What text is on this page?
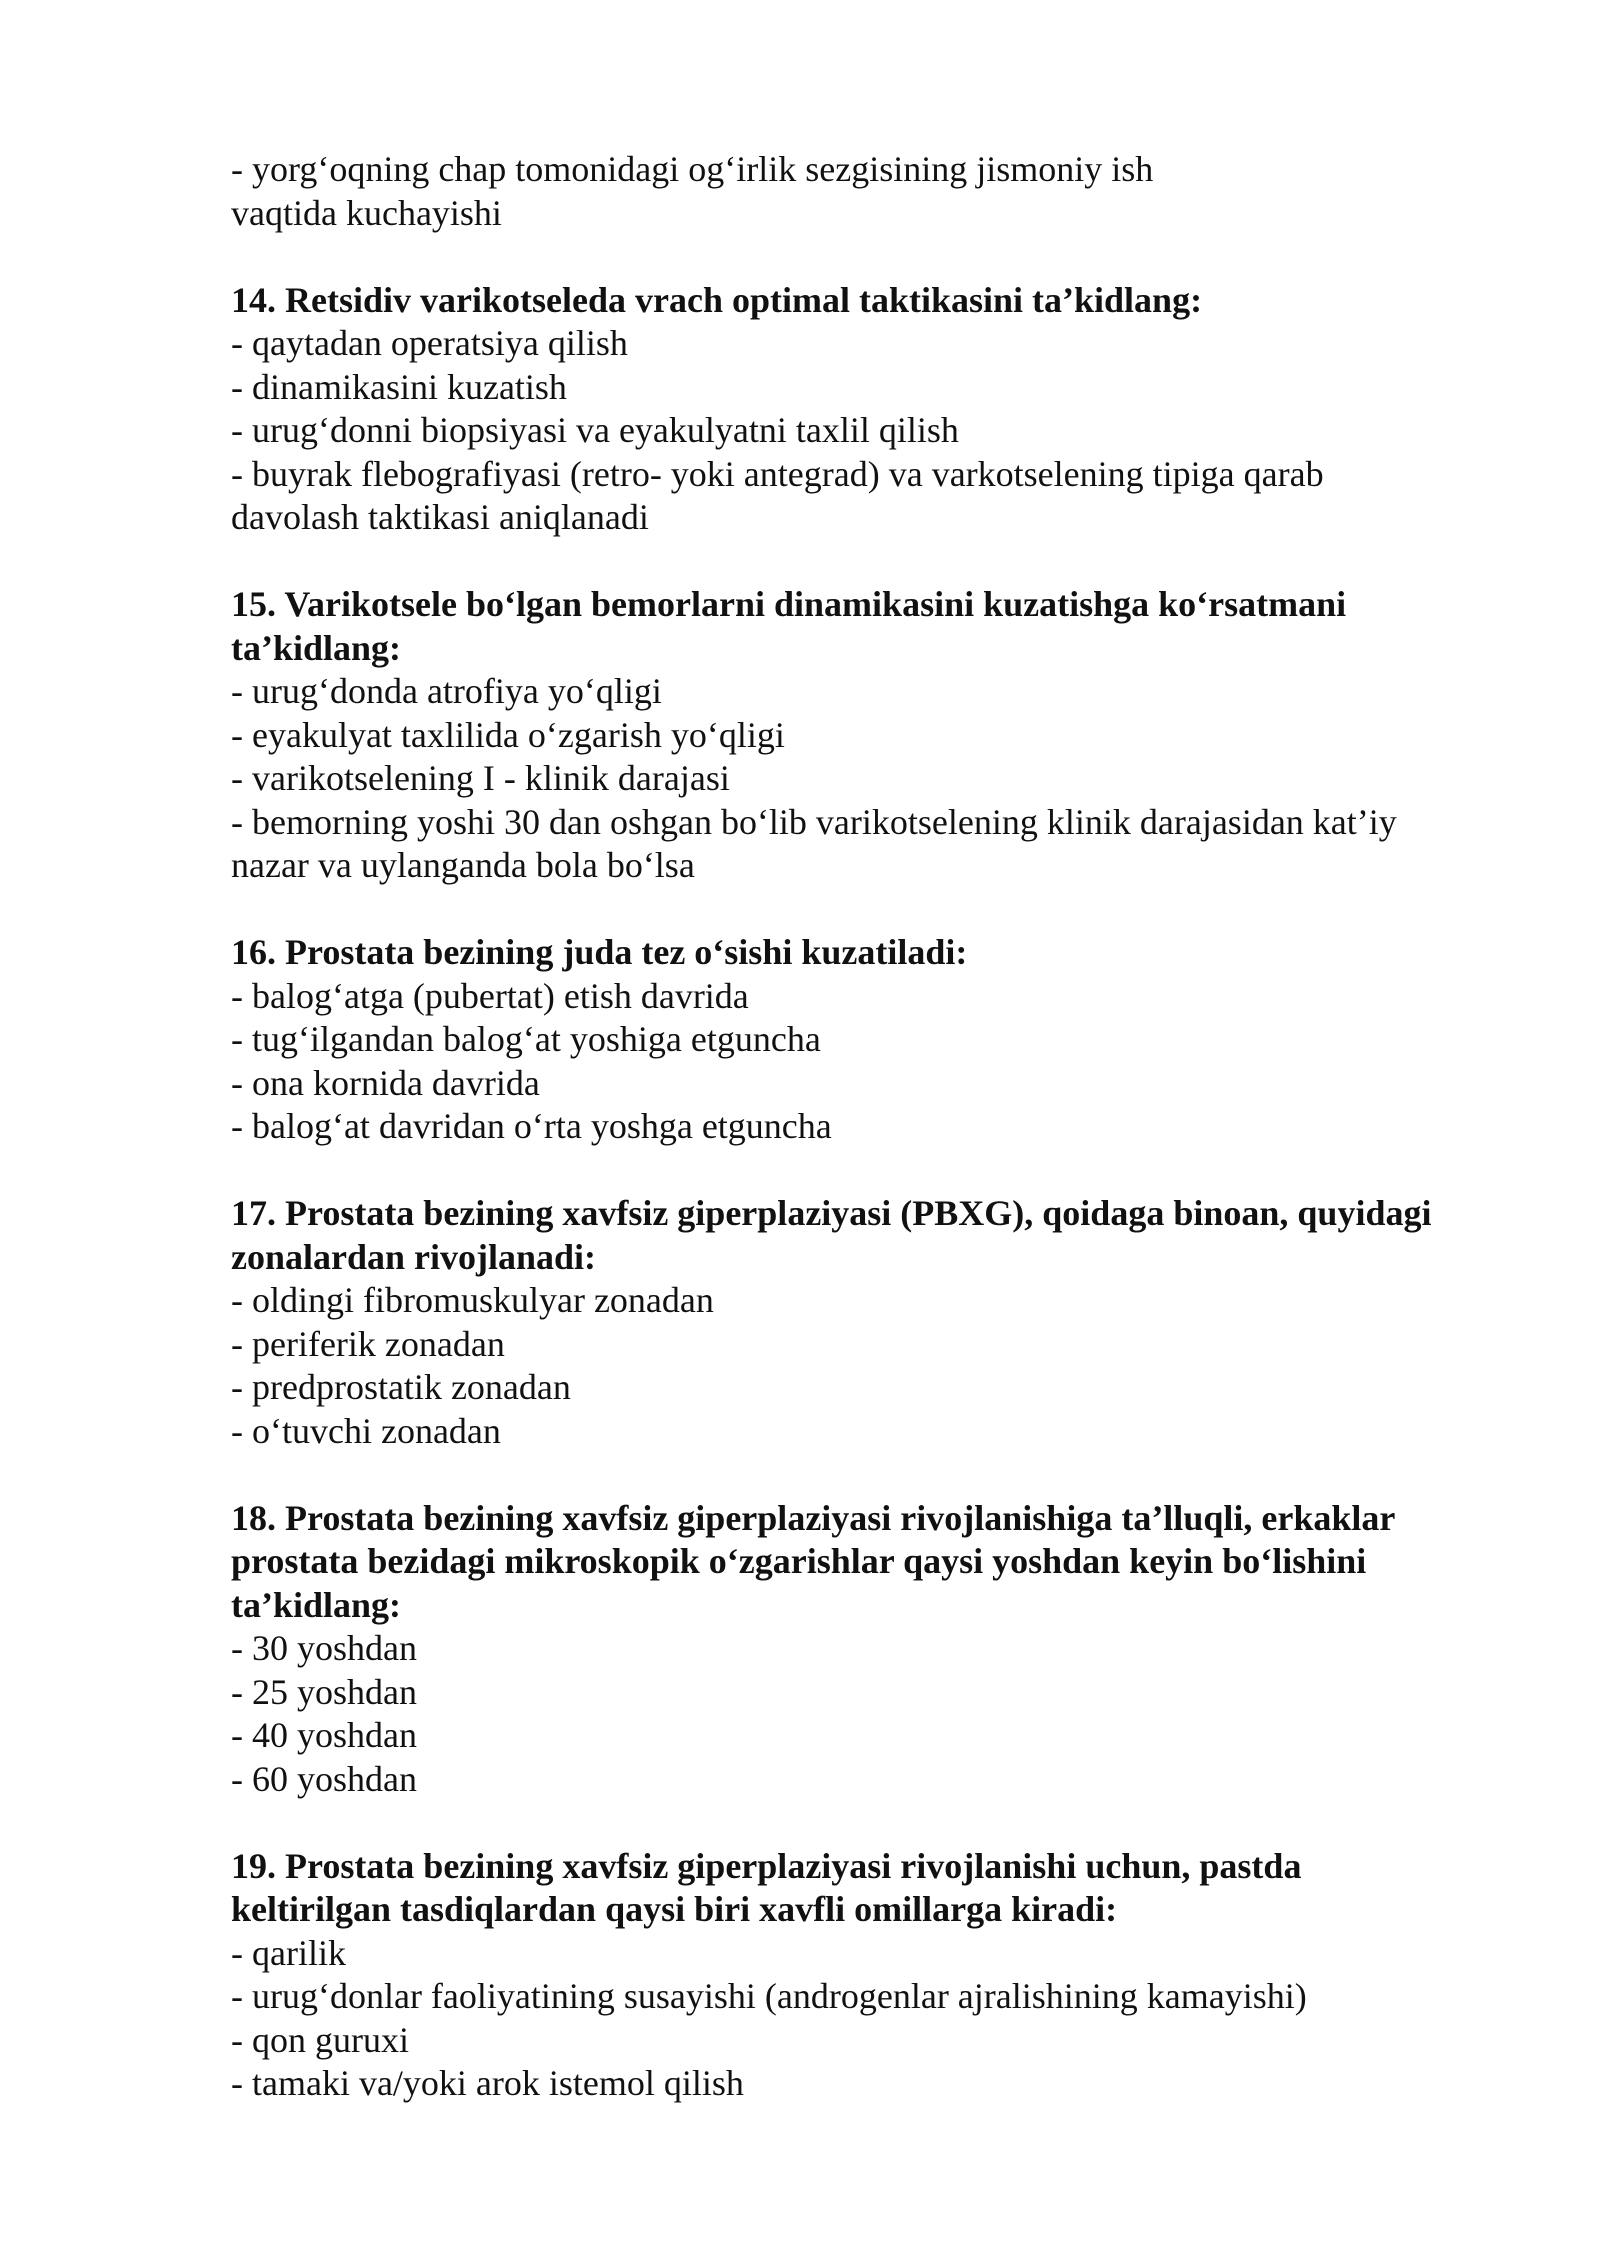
- yorg‘oqning chap tomonidagi og‘irlik sezgisining jismoniy ish

vaqtida kuchayishi

14. Retsidiv varikotseleda vrach optimal taktikasini ta’kidlang:

- qaytadan operatsiya qilish

- dinamikasini kuzatish

- urug‘donni biopsiyasi va eyakulyatni taxlil qilish

- buyrak flebografiyasi (retro- yoki antegrad) va varkotselening tipiga qarab

davolash taktikasi aniqlanadi

15. Varikotsele bo‘lgan bemorlarni dinamikasini kuzatishga ko‘rsatmani

ta’kidlang:

- urug‘donda atrofiya yo‘qligi

- eyakulyat taxlilida o‘zgarish yo‘qligi

- varikotselening I - klinik darajasi

- bemorning yoshi 30 dan oshgan bo‘lib varikotselening klinik darajasidan kat’iy

nazar va uylanganda bola bo‘lsa

16. Prostata bezining juda tez o‘sishi kuzatiladi:

- balog‘atga (pubertat) etish davrida

- tug‘ilgandan balog‘at yoshiga etguncha

- ona kornida davrida

- balog‘at davridan o‘rta yoshga etguncha

17. Prostata bezining xavfsiz giperplaziyasi (PBXG), qoidaga binoan, quyidagi

zonalardan rivojlanadi:

- oldingi fibromuskulyar zonadan

- periferik zonadan

- predprostatik zonadan

- o‘tuvchi zonadan

18. Prostata bezining xavfsiz giperplaziyasi rivojlanishiga ta’lluqli, erkaklar

prostata bezidagi mikroskopik o‘zgarishlar qaysi yoshdan keyin bo‘lishini

ta’kidlang:

- 30 yoshdan

- 25 yoshdan

- 40 yoshdan

- 60 yoshdan

19. Prostata bezining xavfsiz giperplaziyasi rivojlanishi uchun, pastda

keltirilgan tasdiqlardan qaysi biri xavfli omillarga kiradi:

- qarilik

- urug‘donlar faoliyatining susayishi (androgenlar ajralishining kamayishi)

- qon guruxi

- tamaki va/yoki arok istemol qilish
